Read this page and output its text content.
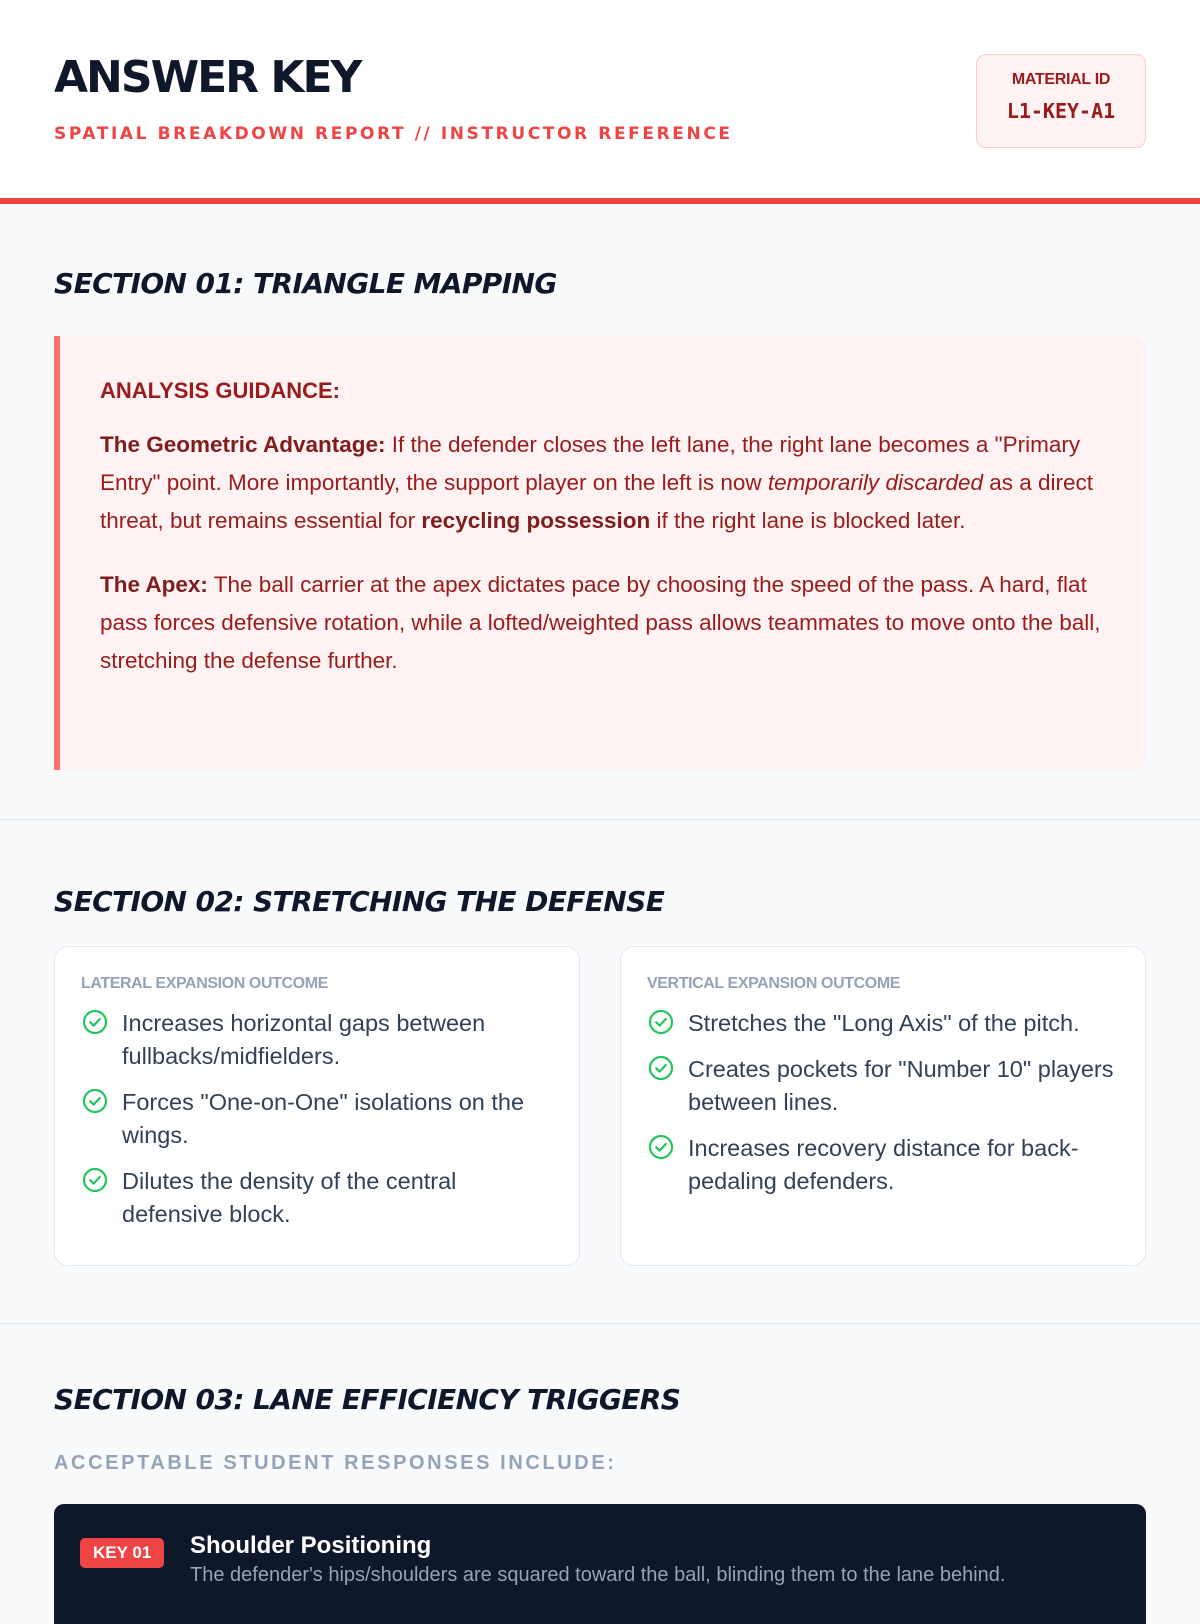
ANSWER KEY

SPATIAL BREAKDOWN REPORT // INSTRUCTOR REFERENCE

MATERIAL ID
L1-KEY-A1
SECTION 01: TRIANGLE MAPPING
ANALYSIS GUIDANCE:

The Geometric Advantage: If the defender closes the left lane, the right lane becomes a "Primary Entry" point. More importantly, the support player on the left is now temporarily discarded as a direct threat, but remains essential for recycling possession if the right lane is blocked later.

The Apex: The ball carrier at the apex dictates pace by choosing the speed of the pass. A hard, flat pass forces defensive rotation, while a lofted/weighted pass allows teammates to move onto the ball, stretching the defense further.

SECTION 02: STRETCHING THE DEFENSE
LATERAL EXPANSION OUTCOME
Increases horizontal gaps between fullbacks/midfielders.
Forces "One-on-One" isolations on the wings.
Dilutes the density of the central defensive block.
VERTICAL EXPANSION OUTCOME
Stretches the "Long Axis" of the pitch.
Creates pockets for "Number 10" players between lines.
Increases recovery distance for back-pedaling defenders.
SECTION 03: LANE EFFICIENCY TRIGGERS

ACCEPTABLE STUDENT RESPONSES INCLUDE:

KEY 01	Shoulder Positioning
The defender's hips/shoulders are squared toward the ball, blinding them to the lane behind.
